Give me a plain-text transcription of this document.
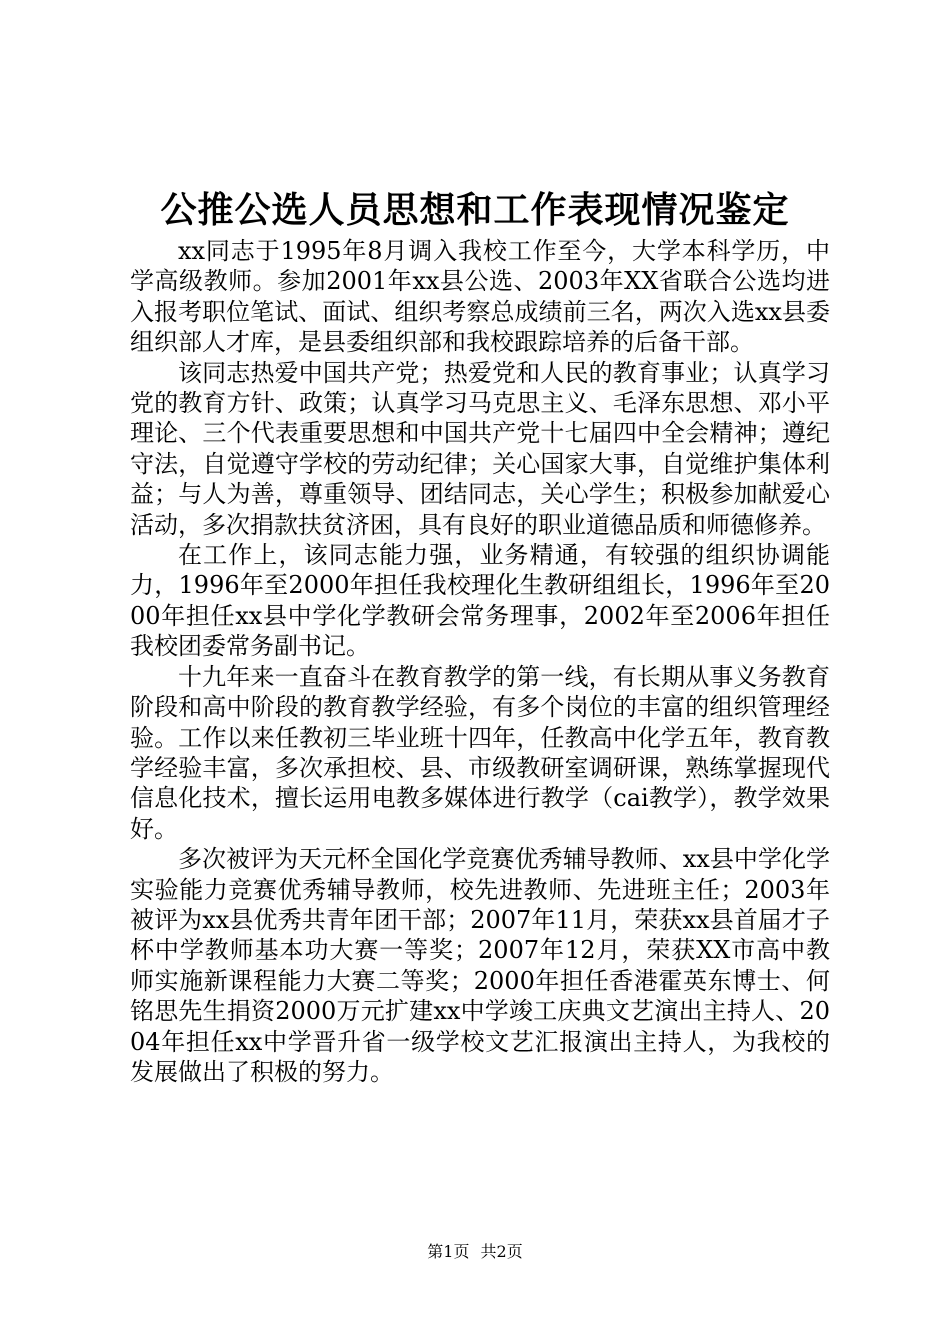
公推公选人员思想和工作表现情况鉴定

xx同志于1995年8月调入我校工作至今，大学本科学历，中学高级教师。参加2001年xx县公选、2003年XX省联合公选均进入报考职位笔试、面试、组织考察总成绩前三名，两次入选xx县委组织部人才库，是县委组织部和我校跟踪培养的后备干部。

该同志热爱中国共产党；热爱党和人民的教育事业；认真学习党的教育方针、政策；认真学习马克思主义、毛泽东思想、邓小平理论、三个代表重要思想和中国共产党十七届四中全会精神；遵纪守法，自觉遵守学校的劳动纪律；关心国家大事，自觉维护集体利益；与人为善，尊重领导、团结同志，关心学生；积极参加献爱心活动，多次捐款扶贫济困，具有良好的职业道德品质和师德修养。

在工作上，该同志能力强，业务精通，有较强的组织协调能力，1996年至2000年担任我校理化生教研组组长，1996年至2000年担任xx县中学化学教研会常务理事，2002年至2006年担任我校团委常务副书记。

十九年来一直奋斗在教育教学的第一线，有长期从事义务教育阶段和高中阶段的教育教学经验，有多个岗位的丰富的组织管理经验。工作以来任教初三毕业班十四年，任教高中化学五年，教育教学经验丰富，多次承担校、县、市级教研室调研课，熟练掌握现代信息化技术，擅长运用电教多媒体进行教学（cai教学），教学效果好。

多次被评为天元杯全国化学竞赛优秀辅导教师、xx县中学化学实验能力竞赛优秀辅导教师，校先进教师、先进班主任；2003年被评为xx县优秀共青年团干部；2007年11月，荣获xx县首届才子杯中学教师基本功大赛一等奖；2007年12月，荣获XX市高中教师实施新课程能力大赛二等奖；2000年担任香港霍英东博士、何铭思先生捐资2000万元扩建xx中学竣工庆典文艺演出主持人、2004年担任xx中学晋升省一级学校文艺汇报演出主持人，为我校的发展做出了积极的努力。

第1页 共2页
